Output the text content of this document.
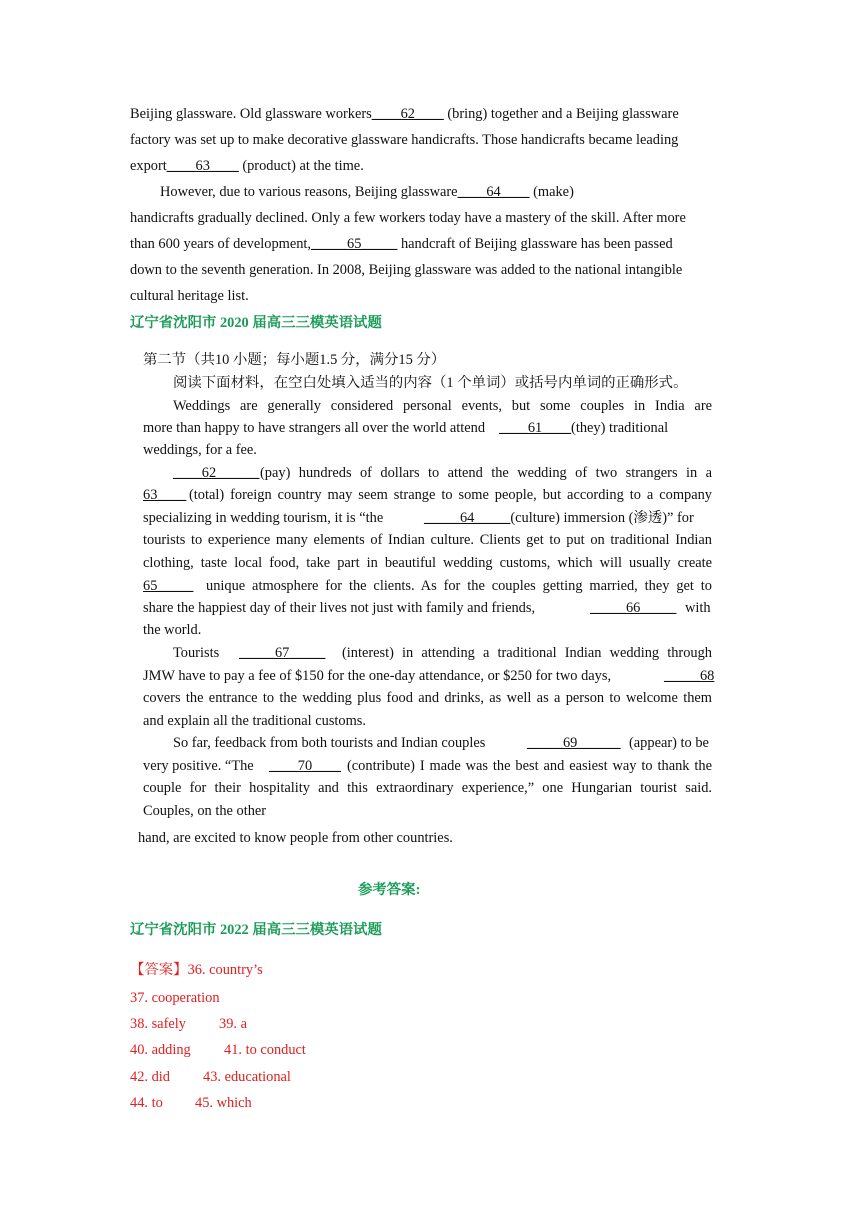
Beijing glassware. Old glassware workers____62____ (bring) together and a Beijing glassware
factory was set up to make decorative glassware handicrafts. Those handicrafts became leading
export____63____ (product) at the time.
However, due to various reasons, Beijing glassware____64____ (make)
handicrafts gradually declined. Only a few workers today have a mastery of the skill. After more
than 600 years of development,_____65_____ handcraft of Beijing glassware has been passed
down to the seventh generation. In 2008, Beijing glassware was added to the national intangible
cultural heritage list.
辽宁省沈阳市 2020 届高三三模英语试题
第二节（共10 小题；每小题1.5 分，满分15 分）
阅读下面材料，在空白处填入适当的内容（1 个单词）或括号内单词的正确形式。
Weddings are generally considered personal events, but some couples in India are
more than happy to have strangers all over the world attend ____61____(they) traditional
weddings, for a fee.
____62______ (pay) hundreds of dollars to attend the wedding of two strangers in a
63____ (total) foreign country may seem strange to some people, but according to a company
specializing in wedding tourism, it is “the	_____64_____(culture) immersion (渗透)” for
tourists to experience many elements of Indian culture. Clients get to put on traditional Indian
clothing, taste local food, take part in beautiful wedding customs, which will usually create
65_____ unique atmosphere for the clients. As for the couples getting married, they get to
share the happiest day of their lives not just with family and friends,	_____66_____ with
the world.
Tourists _____67_____ (interest) in attending a traditional Indian wedding through
JMW have to pay a fee of $150 for the one-day attendance, or $250 for two days,	_____68
covers the entrance to the wedding plus food and drinks, as well as a person to welcome them
and explain all the traditional customs.
So far, feedback from both tourists and Indian couples	_____69______ (appear) to be
very positive. “The ____70____ (contribute) I made was the best and easiest way to thank the
couple for their hospitality and this extraordinary experience,” one Hungarian tourist said.
Couples, on the other
hand, are excited to know people from other countries.
参考答案:
辽宁省沈阳市 2022 届高三三模英语试题
【答案】36. country’s
37. cooperation
38. safely 39. a
40. adding 41. to conduct
42. did 43. educational
44. to 45. which
